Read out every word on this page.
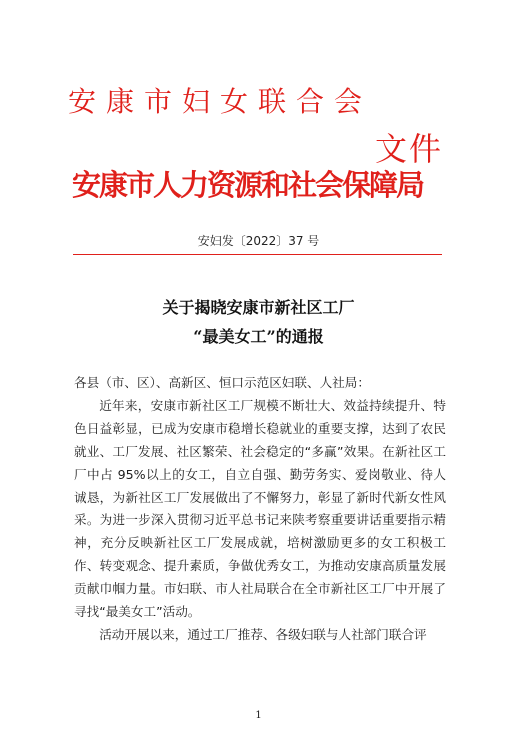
安康市妇女联合会
文件
安康市人力资源和社会保障局
安妇发〔2022〕37 号
关于揭晓安康市新社区工厂
“最美女工”的通报

各县（市、区）、高新区、恒口示范区妇联、人社局：

近年来，安康市新社区工厂规模不断壮大、效益持续提升、特色日益彰显，已成为安康市稳增长稳就业的重要支撑，达到了农民就业、工厂发展、社区繁荣、社会稳定的“多赢”效果。在新社区工厂中占 95%以上的女工，自立自强、勤劳务实、爱岗敬业、待人诚恳，为新社区工厂发展做出了不懈努力，彰显了新时代新女性风采。为进一步深入贯彻习近平总书记来陕考察重要讲话重要指示精神，充分反映新社区工厂发展成就，培树激励更多的女工积极工作、转变观念、提升素质，争做优秀女工，为推动安康高质量发展贡献巾帼力量。市妇联、市人社局联合在全市新社区工厂中开展了寻找“最美女工”活动。

活动开展以来，通过工厂推荐、各级妇联与人社部门联合评

1
